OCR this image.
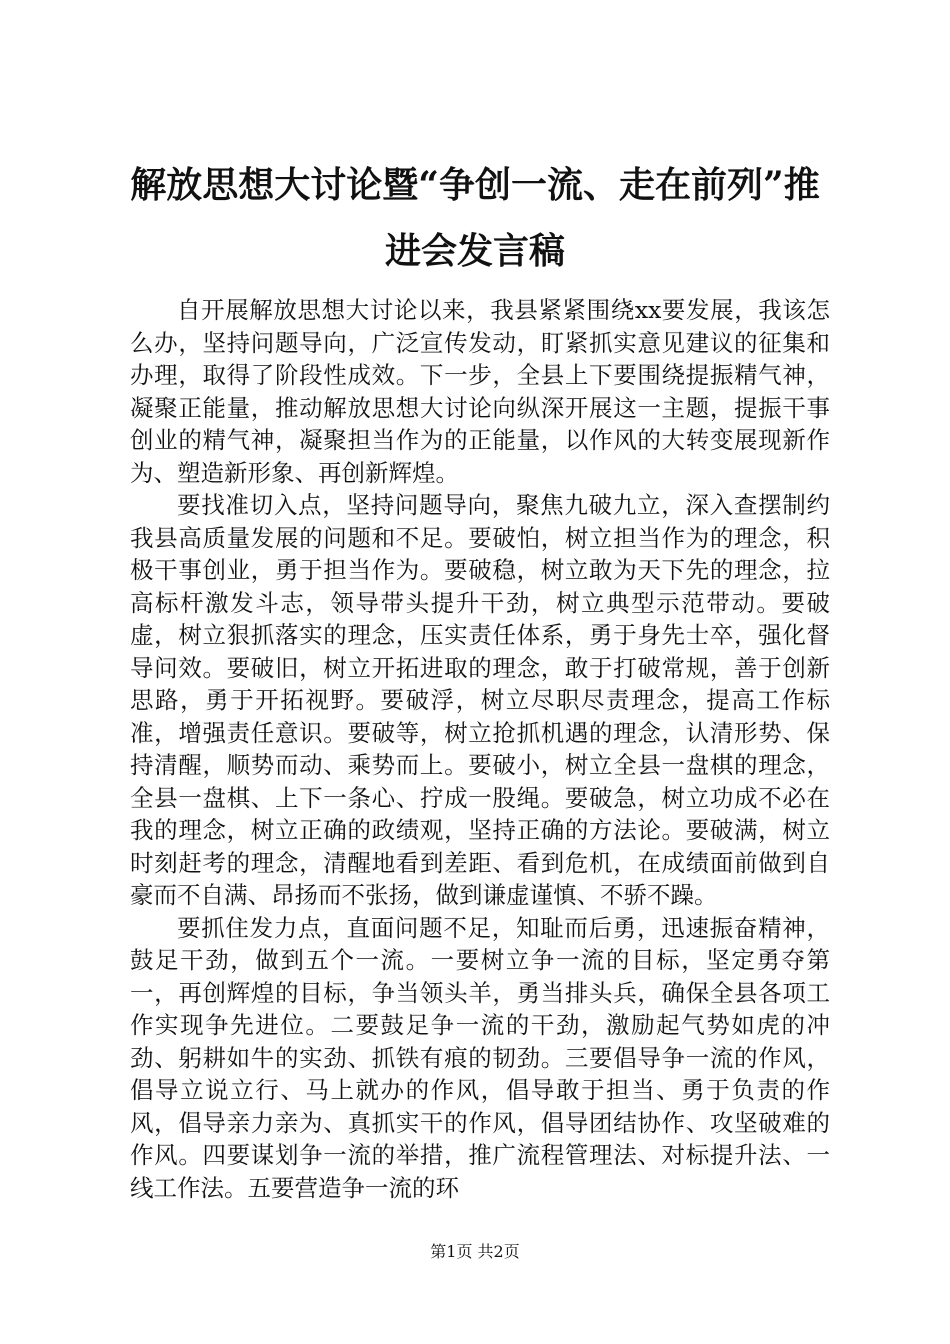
解放思想大讨论暨“争创一流、走在前列”推进会发言稿

自开展解放思想大讨论以来，我县紧紧围绕xx要发展，我该怎么办，坚持问题导向，广泛宣传发动，盯紧抓实意见建议的征集和办理，取得了阶段性成效。下一步，全县上下要围绕提振精气神，凝聚正能量，推动解放思想大讨论向纵深开展这一主题，提振干事创业的精气神，凝聚担当作为的正能量，以作风的大转变展现新作为、塑造新形象、再创新辉煌。

要找准切入点，坚持问题导向，聚焦九破九立，深入查摆制约我县高质量发展的问题和不足。要破怕，树立担当作为的理念，积极干事创业，勇于担当作为。要破稳，树立敢为天下先的理念，拉高标杆激发斗志，领导带头提升干劲，树立典型示范带动。要破虚，树立狠抓落实的理念，压实责任体系，勇于身先士卒，强化督导问效。要破旧，树立开拓进取的理念，敢于打破常规，善于创新思路，勇于开拓视野。要破浮，树立尽职尽责理念，提高工作标准，增强责任意识。要破等，树立抢抓机遇的理念，认清形势、保持清醒，顺势而动、乘势而上。要破小，树立全县一盘棋的理念，全县一盘棋、上下一条心、拧成一股绳。要破急，树立功成不必在我的理念，树立正确的政绩观，坚持正确的方法论。要破满，树立时刻赶考的理念，清醒地看到差距、看到危机，在成绩面前做到自豪而不自满、昂扬而不张扬，做到谦虚谨慎、不骄不躁。

要抓住发力点，直面问题不足，知耻而后勇，迅速振奋精神，鼓足干劲，做到五个一流。一要树立争一流的目标，坚定勇夺第一，再创辉煌的目标，争当领头羊，勇当排头兵，确保全县各项工作实现争先进位。二要鼓足争一流的干劲，激励起气势如虎的冲劲、躬耕如牛的实劲、抓铁有痕的韧劲。三要倡导争一流的作风，倡导立说立行、马上就办的作风，倡导敢于担当、勇于负责的作风，倡导亲力亲为、真抓实干的作风，倡导团结协作、攻坚破难的作风。四要谋划争一流的举措，推广流程管理法、对标提升法、一线工作法。五要营造争一流的环

第1页 共2页
